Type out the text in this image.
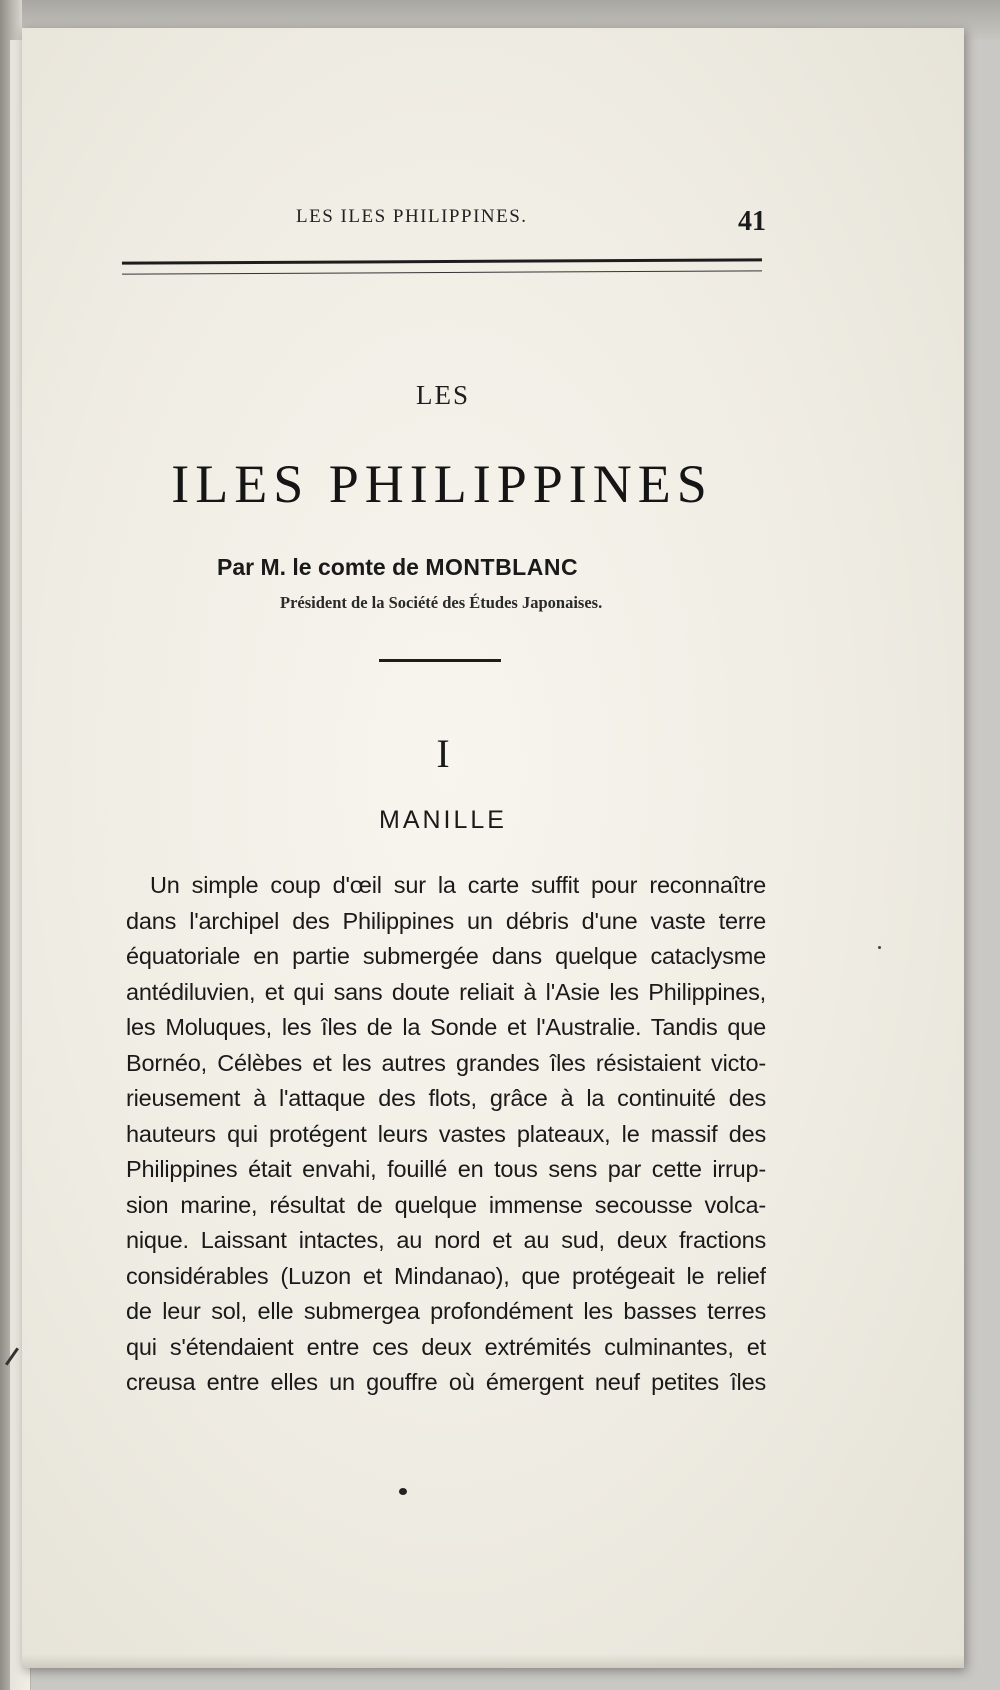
LES ILES PHILIPPINES.	41
LES
ILES PHILIPPINES
Par M. le comte de MONTBLANC
Président de la Société des Études Japonaises.
I
MANILLE
Un simple coup d'œil sur la carte suffit pour reconnaître
dans l'archipel des Philippines un débris d'une vaste terre
équatoriale en partie submergée dans quelque cataclysme
antédiluvien, et qui sans doute reliait à l'Asie les Philippines,
les Moluques, les îles de la Sonde et l'Australie. Tandis que
Bornéo, Célèbes et les autres grandes îles résistaient victo-
rieusement à l'attaque des flots, grâce à la continuité des
hauteurs qui protégent leurs vastes plateaux, le massif des
Philippines était envahi, fouillé en tous sens par cette irrup-
sion marine, résultat de quelque immense secousse volca-
nique. Laissant intactes, au nord et au sud, deux fractions
considérables (Luzon et Mindanao), que protégeait le relief
de leur sol, elle submergea profondément les basses terres
qui s'étendaient entre ces deux extrémités culminantes, et
creusa entre elles un gouffre où émergent neuf petites îles
